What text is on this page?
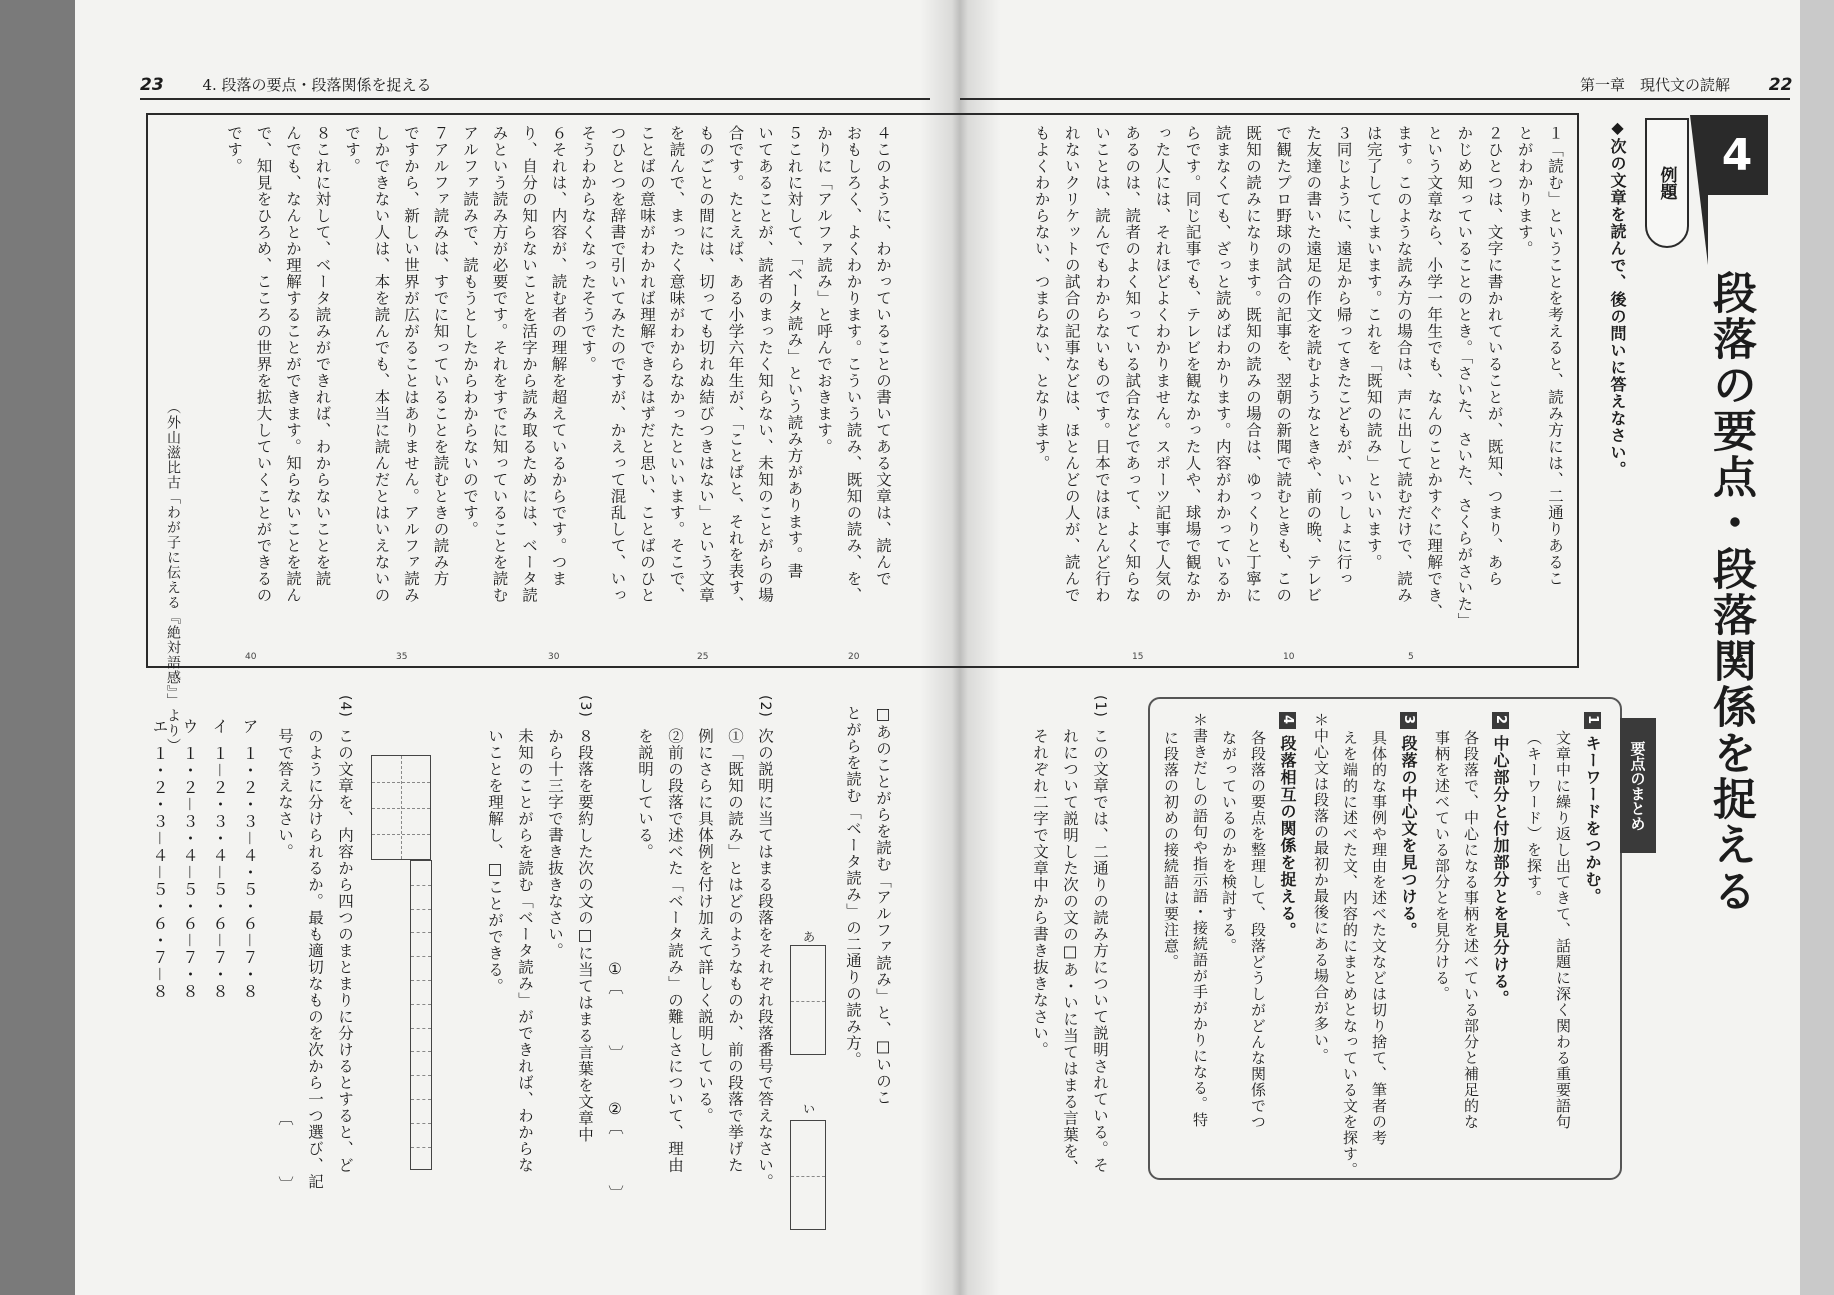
23	4. 段落の要点・段落関係を捉える	第一章　現代文の読解 22
4
段落の要点・段落関係を捉える
例題
◆次の文章を読んで、後の問いに答えなさい。
１「読む」ということを考えると、読み方には、二通りあるこ
とがわかります。
２ひとつは、文字に書かれていることが、既知、つまり、あら
かじめ知っていることのとき。「さいた、さいた、さくらがさいた」
という文章なら、小学一年生でも、なんのことかすぐに理解でき、
ます。このような読み方の場合は、声に出して読むだけで、読み
は完了してしまいます。これを「既知の読み」といいます。
３同じように、遠足から帰ってきたこどもが、いっしょに行っ
た友達の書いた遠足の作文を読むようなときや、前の晩、テレビ
で観たプロ野球の試合の記事を、翌朝の新聞で読むときも、この
既知の読みになります。既知の読みの場合は、ゆっくりと丁寧に
読まなくても、ざっと読めばわかります。内容がわかっているか
らです。同じ記事でも、テレビを観なかった人や、球場で観なか
った人には、それほどよくわかりません。スポーツ記事で人気の
あるのは、読者のよく知っている試合などであって、よく知らな
いことは、読んでもわからないものです。日本ではほとんど行わ
れないクリケットの試合の記事などは、ほとんどの人が、読んで
もよくわからない、つまらない、となります。
４このように、わかっていることの書いてある文章は、読んで
おもしろく、よくわかります。こういう読み、既知の読み、を、
かりに「アルファ読み」と呼んでおきます。
５これに対して、「ベータ読み」という読み方があります。書
いてあることが、読者のまったく知らない、未知のことがらの場
合です。たとえば、ある小学六年生が、「ことばと、それを表す、
ものごとの間には、切っても切れぬ結びつきはない」という文章
を読んで、まったく意味がわからなかったといいます。そこで、
ことばの意味がわかれば理解できるはずだと思い、ことばのひと
つひとつを辞書で引いてみたのですが、かえって混乱して、いっ
そうわからなくなったそうです。
６それは、内容が、読む者の理解を超えているからです。つま
り、自分の知らないことを活字から読み取るためには、ベータ読
みという読み方が必要です。それをすでに知っていることを読む
アルファ読みで、読もうとしたからわからないのです。
７アルファ読みは、すでに知っていることを読むときの読み方
ですから、新しい世界が広がることはありません。アルファ読み
しかできない人は、本を読んでも、本当に読んだとはいえないの
です。
８これに対して、ベータ読みができれば、わからないことを読
んでも、なんとか理解することができます。知らないことを読ん
で、知見をひろめ、こころの世界を拡大していくことができるの
です。
（外山滋比古「わが子に伝える『絶対語感』」より）	5
10
15
20
25
30
35
40
要点のまとめ
1キーワードをつかむ。
文章中に繰り返し出てきて、話題に深く関わる重要語句
（キーワード）を探す。
2中心部分と付加部分とを見分ける。
各段落で、中心になる事柄を述べている部分と補足的な
事柄を述べている部分とを見分ける。
3段落の中心文を見つける。
具体的な事例や理由を述べた文などは切り捨て、筆者の考
えを端的に述べた文、内容的にまとめとなっている文を探す。
＊中心文は段落の最初か最後にある場合が多い。
4段落相互の関係を捉える。
各段落の要点を整理して、段落どうしがどんな関係でつ
ながっているのかを検討する。
＊書きだしの語句や指示語・接続語が手がかりになる。特
に段落の初めの接続語は要注意。
(1)
この文章では、二通りの読み方について説明されている。そ
れについて説明した次の文の□あ・いに当てはまる言葉を、
それぞれ二字で文章中から書き抜きなさい。
□あのことがらを読む「アルファ読み」と、□いのこ
とがらを読む「ベータ読み」の二通りの読み方。
あ
い
(2)
次の説明に当てはまる段落をそれぞれ段落番号で答えなさい。
①「既知の読み」とはどのようなものか、前の段落で挙げた
例にさらに具体例を付け加えて詳しく説明している。
②前の段落で述べた「ベータ読み」の難しさについて、理由
を説明している。
①〔　　　〕
②〔　　　〕
(3)
８段落を要約した次の文の□に当てはまる言葉を文章中
から十三字で書き抜きなさい。
未知のことがらを読む「ベータ読み」ができれば、わからな
いことを理解し、□ことができる。
(4)
この文章を、内容から四つのまとまりに分けるとすると、ど
のように分けられるか。最も適切なものを次から一つ選び、記
号で答えなさい。
〔　　　〕
ア１・２・３－４・５・６－７・８
イ１－２・３・４－５・６－７・８
ウ１・２－３・４－５・６－７・８
エ１・２・３－４－５・６・７－８
